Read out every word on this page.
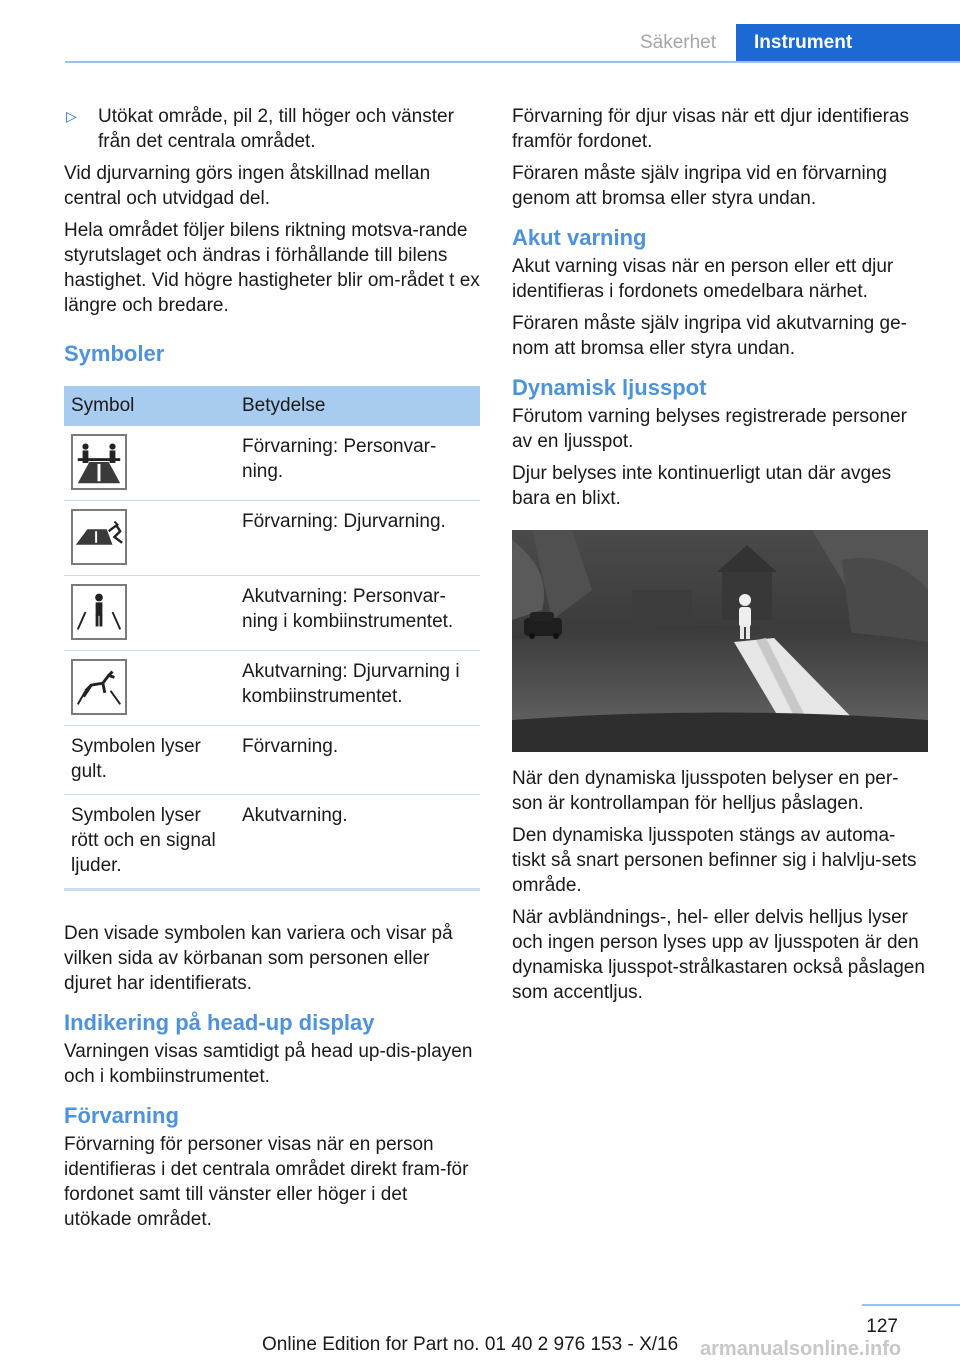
Säkerhet	Instrument
▷	Utökat område, pil 2, till höger och vänster från det centrala området.

Vid djurvarning görs ingen åtskillnad mellan central och utvidgad del.

Hela området följer bilens riktning motsva-rande styrutslaget och ändras i förhållande till bilens hastighet. Vid högre hastigheter blir om-rådet t ex längre och bredare.

Symboler
Symbol	Betydelse

	Förvarning: Personvar-ning.

	Förvarning: Djurvarning.

	Akutvarning: Personvar-ning i kombiinstrumentet.

	Akutvarning: Djurvarning i kombiinstrumentet.
Symbolen lyser gult.	Förvarning.
Symbolen lyser rött och en signal ljuder.	Akutvarning.

Den visade symbolen kan variera och visar på vilken sida av körbanan som personen eller djuret har identifierats.

Indikering på head-up display

Varningen visas samtidigt på head up-dis-playen och i kombiinstrumentet.

Förvarning

Förvarning för personer visas när en person identifieras i det centrala området direkt fram-för fordonet samt till vänster eller höger i det utökade området.

Förvarning för djur visas när ett djur identifieras framför fordonet.

Föraren måste själv ingripa vid en förvarning genom att bromsa eller styra undan.

Akut varning

Akut varning visas när en person eller ett djur identifieras i fordonets omedelbara närhet.

Föraren måste själv ingripa vid akutvarning ge-nom att bromsa eller styra undan.

Dynamisk ljusspot

Förutom varning belyses registrerade personer av en ljusspot.

Djur belyses inte kontinuerligt utan där avges bara en blixt.

När den dynamiska ljusspoten belyser en per-son är kontrollampan för helljus påslagen.

Den dynamiska ljusspoten stängs av automa-tiskt så snart personen befinner sig i halvlju-sets område.

När avbländnings-, hel- eller delvis helljus lyser och ingen person lyses upp av ljusspoten är den dynamiska ljusspot-strålkastaren också påslagen som accentljus.

127
Online Edition for Part no. 01 40 2 976 153 - X/16 armanualsonline.info
